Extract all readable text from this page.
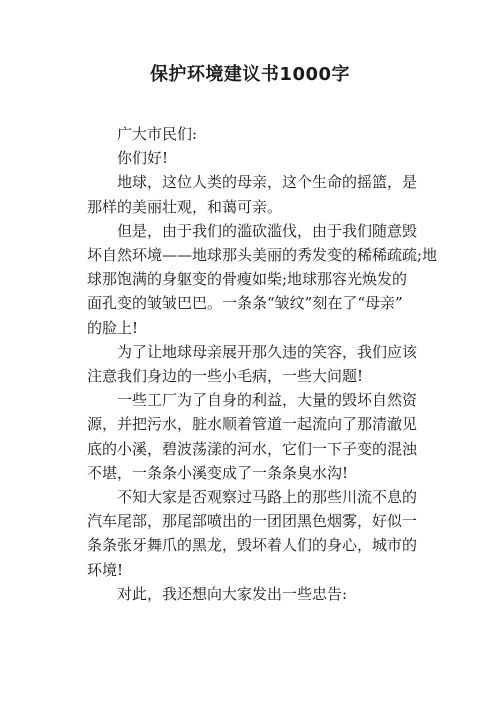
保护环境建议书1000字
广大市民们:
你们好!
地球，这位人类的母亲，这个生命的摇篮，是
那样的美丽壮观，和蔼可亲。
但是，由于我们的滥砍滥伐，由于我们随意毁
坏自然环境——地球那头美丽的秀发变的稀稀疏疏;地
球那饱满的身躯变的骨瘦如柴;地球那容光焕发的
面孔变的皱皱巴巴。一条条“皱纹”刻在了“母亲”
的脸上!
为了让地球母亲展开那久违的笑容，我们应该
注意我们身边的一些小毛病，一些大问题!
一些工厂为了自身的利益，大量的毁坏自然资
源，并把污水，脏水顺着管道一起流向了那清澈见
底的小溪，碧波荡漾的河水，它们一下子变的混浊
不堪，一条条小溪变成了一条条臭水沟!
不知大家是否观察过马路上的那些川流不息的
汽车尾部，那尾部喷出的一团团黑色烟雾，好似一
条条张牙舞爪的黑龙，毁坏着人们的身心，城市的
环境!
对此，我还想向大家发出一些忠告:
